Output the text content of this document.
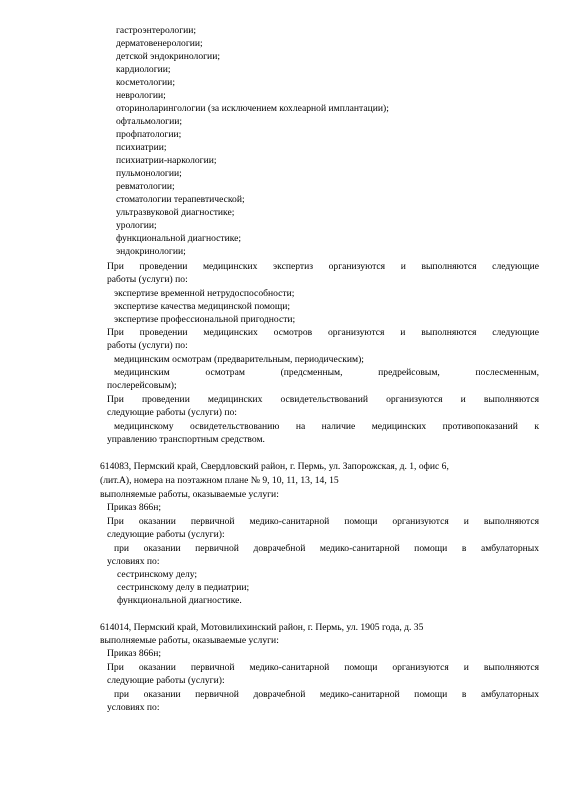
гастроэнтерологии;
дерматовенерологии;
детской эндокринологии;
кардиологии;
косметологии;
неврологии;
оториноларингологии (за исключением кохлеарной имплантации);
офтальмологии;
профпатологии;
психиатрии;
психиатрии-наркологии;
пульмонологии;
ревматологии;
стоматологии терапевтической;
ультразвуковой диагностике;
урологии;
функциональной диагностике;
эндокринологии;
При проведении медицинских экспертиз организуются и выполняются следующие
работы (услуги) по:
экспертизе временной нетрудоспособности;
экспертизе качества медицинской помощи;
экспертизе профессиональной пригодности;
При проведении медицинских осмотров организуются и выполняются следующие
работы (услуги) по:
медицинским осмотрам (предварительным, периодическим);
медицинским	осмотрам	(предсменным,	предрейсовым,	послесменным,
послерейсовым);
При проведении медицинских освидетельствований организуются и выполняются
следующие работы (услуги) по:
медицинскому освидетельствованию на наличие медицинских противопоказаний к
управлению транспортным средством.
614083, Пермский край, Свердловский район, г. Пермь, ул. Запорожская, д. 1, офис 6,
(лит.А), номера на поэтажном плане № 9, 10, 11, 13, 14, 15
выполняемые работы, оказываемые услуги:
Приказ 866н;
При оказании первичной медико-санитарной помощи организуются и выполняются
следующие работы (услуги):
при оказании первичной доврачебной медико-санитарной помощи в амбулаторных
условиях по:
сестринскому делу;
сестринскому делу в педиатрии;
функциональной диагностике.
614014, Пермский край, Мотовилихинский район, г. Пермь, ул. 1905 года, д. 35
выполняемые работы, оказываемые услуги:
Приказ 866н;
При оказании первичной медико-санитарной помощи организуются и выполняются
следующие работы (услуги):
при оказании первичной доврачебной медико-санитарной помощи в амбулаторных
условиях по:
